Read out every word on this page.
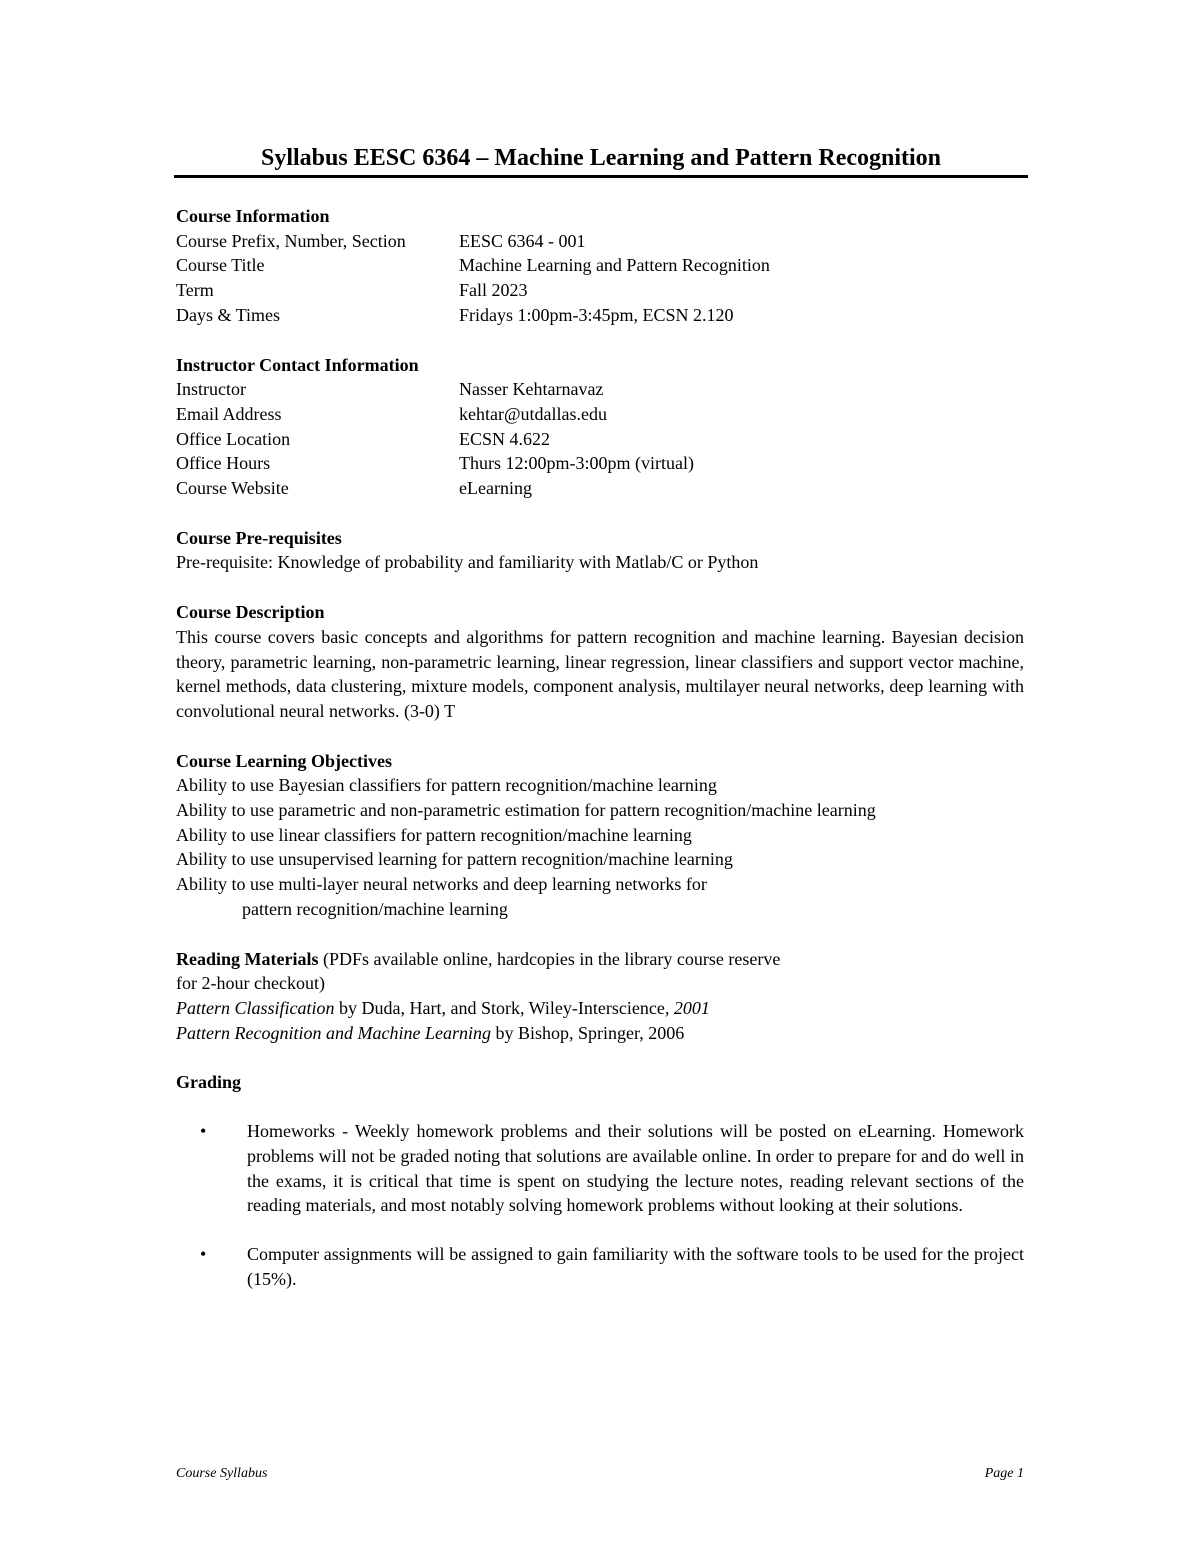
Syllabus EESC 6364 – Machine Learning and Pattern Recognition
Course Information
Course Prefix, Number, Section	EESC 6364 - 001
Course Title	Machine Learning and Pattern Recognition
Term	Fall 2023
Days & Times	Fridays 1:00pm-3:45pm, ECSN 2.120
Instructor Contact Information
Instructor	Nasser Kehtarnavaz
Email Address	kehtar@utdallas.edu
Office Location	ECSN 4.622
Office Hours	Thurs 12:00pm-3:00pm (virtual)
Course Website	eLearning
Course Pre-requisites
Pre-requisite: Knowledge of probability and familiarity with Matlab/C or Python
Course Description
This course covers basic concepts and algorithms for pattern recognition and machine learning. Bayesian decision theory, parametric learning, non-parametric learning, linear regression, linear classifiers and support vector machine, kernel methods, data clustering, mixture models, component analysis, multilayer neural networks, deep learning with convolutional neural networks. (3-0) T
Course Learning Objectives
Ability to use Bayesian classifiers for pattern recognition/machine learning
Ability to use parametric and non-parametric estimation for pattern recognition/machine learning
Ability to use linear classifiers for pattern recognition/machine learning
Ability to use unsupervised learning for pattern recognition/machine learning
Ability to use multi-layer neural networks and deep learning networks for
pattern recognition/machine learning
Reading Materials (PDFs available online, hardcopies in the library course reserve
for 2-hour checkout)
Pattern Classification by Duda, Hart, and Stork, Wiley-Interscience, 2001
Pattern Recognition and Machine Learning by Bishop, Springer, 2006
Grading
• Homeworks - Weekly homework problems and their solutions will be posted on eLearning. Homework problems will not be graded noting that solutions are available online. In order to prepare for and do well in the exams, it is critical that time is spent on studying the lecture notes, reading relevant sections of the reading materials, and most notably solving homework problems without looking at their solutions.
• Computer assignments will be assigned to gain familiarity with the software tools to be used for the project (15%).
Course Syllabus	Page 1
